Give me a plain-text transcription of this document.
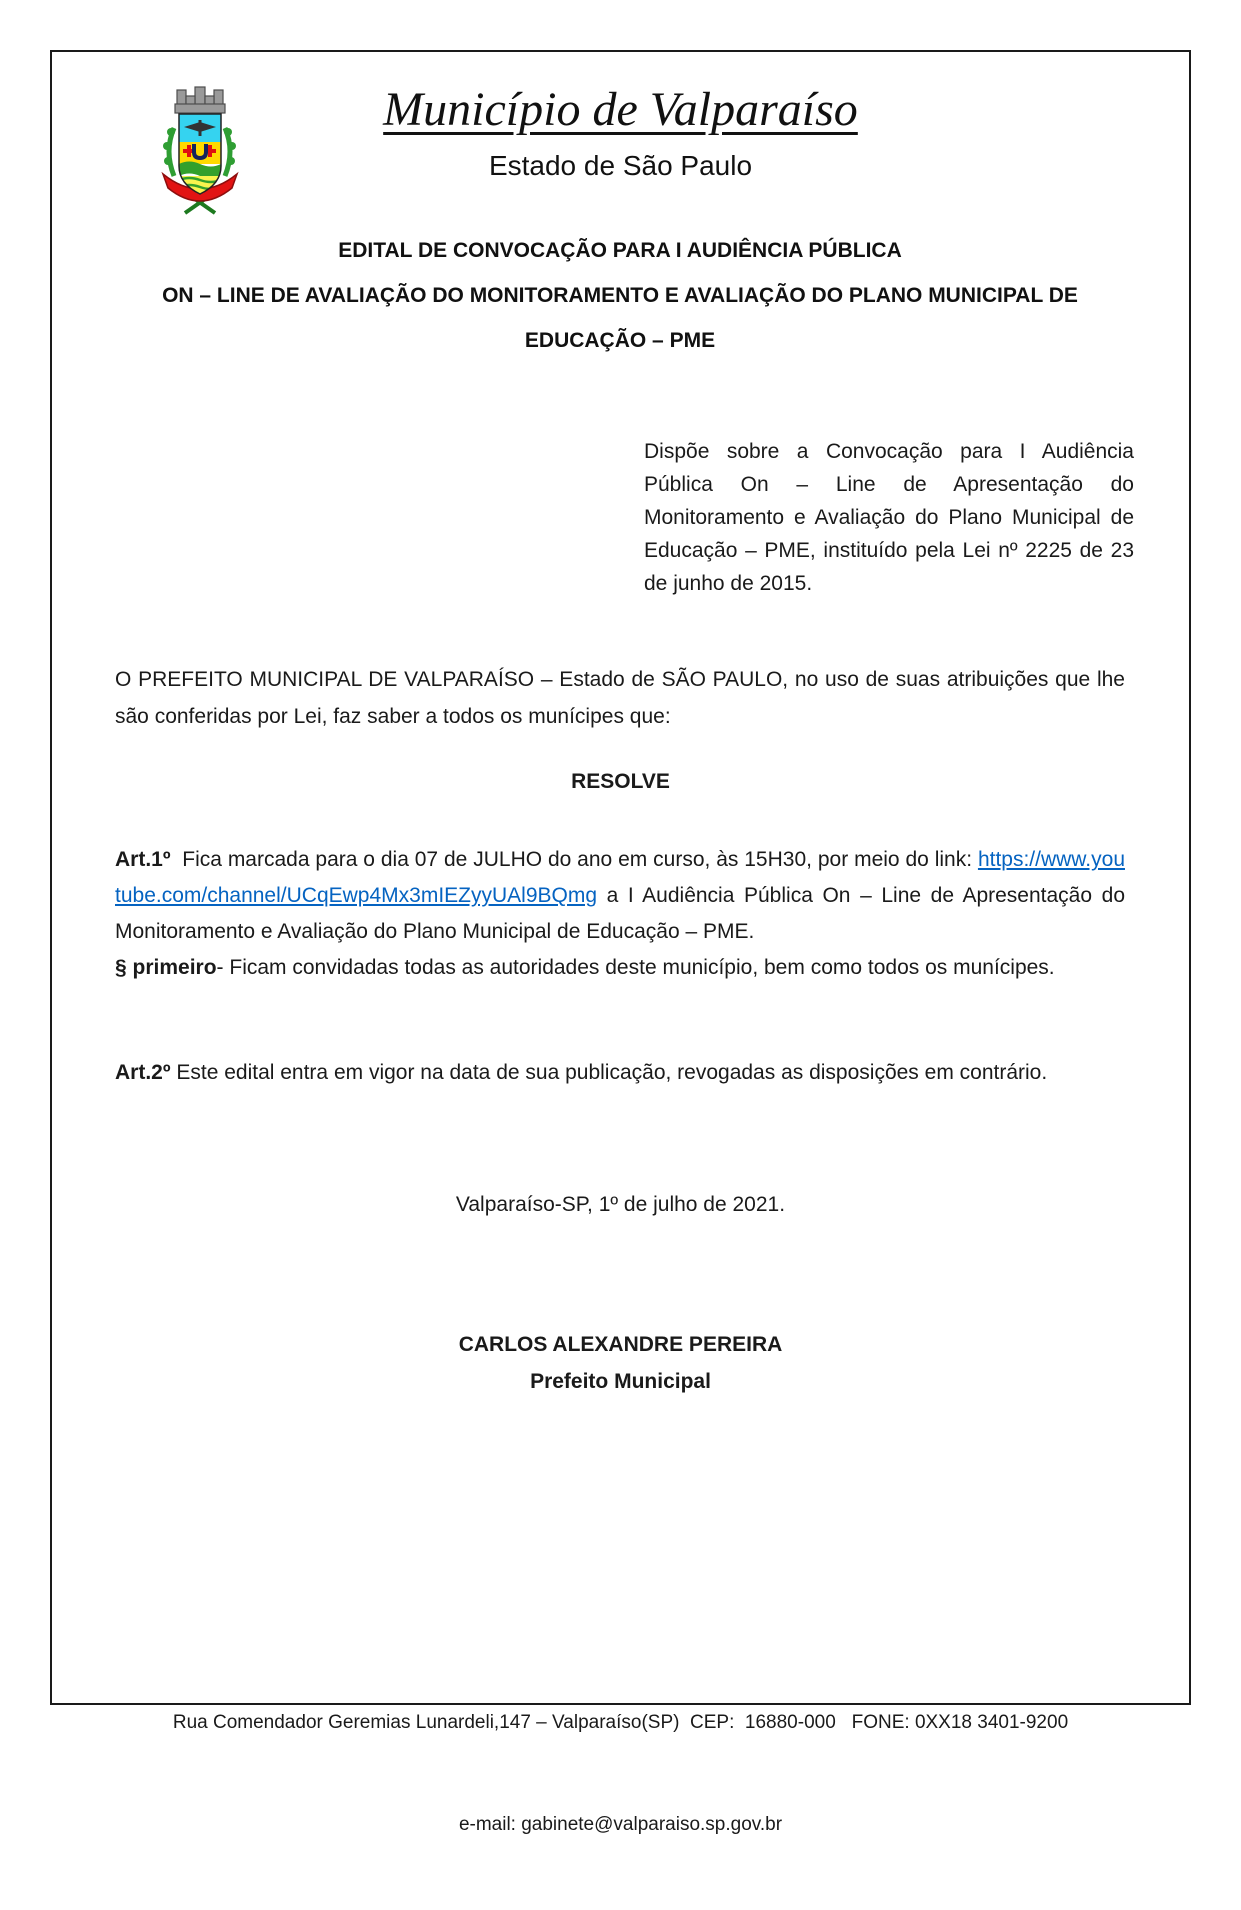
Município de Valparaíso
Estado de São Paulo
EDITAL DE CONVOCAÇÃO PARA I AUDIÊNCIA PÚBLICA
ON – LINE DE AVALIAÇÃO DO MONITORAMENTO E AVALIAÇÃO DO PLANO MUNICIPAL DE
EDUCAÇÃO – PME
Dispõe sobre a Convocação para I Audiência Pública On – Line de Apresentação do Monitoramento e Avaliação do Plano Municipal de Educação – PME, instituído pela Lei nº 2225 de 23 de junho de 2015.

O PREFEITO MUNICIPAL DE VALPARAÍSO – Estado de SÃO PAULO, no uso de suas atribuições que lhe são conferidas por Lei, faz saber a todos os munícipes que:

RESOLVE

Art.1º  Fica marcada para o dia 07 de JULHO do ano em curso, às 15H30, por meio do link: https://www.youtube.com/channel/UCqEwp4Mx3mIEZyyUAl9BQmg a I Audiência Pública On – Line de Apresentação do Monitoramento e Avaliação do Plano Municipal de Educação – PME.

§ primeiro- Ficam convidadas todas as autoridades deste município, bem como todos os munícipes.

Art.2º Este edital entra em vigor na data de sua publicação, revogadas as disposições em contrário.

Valparaíso-SP, 1º de julho de 2021.
CARLOS ALEXANDRE PEREIRA
Prefeito Municipal

Rua Comendador Geremias Lunardeli,147 – Valparaíso(SP)  CEP:  16880-000   FONE: 0XX18 3401-9200

e-mail: gabinete@valparaiso.sp.gov.br
